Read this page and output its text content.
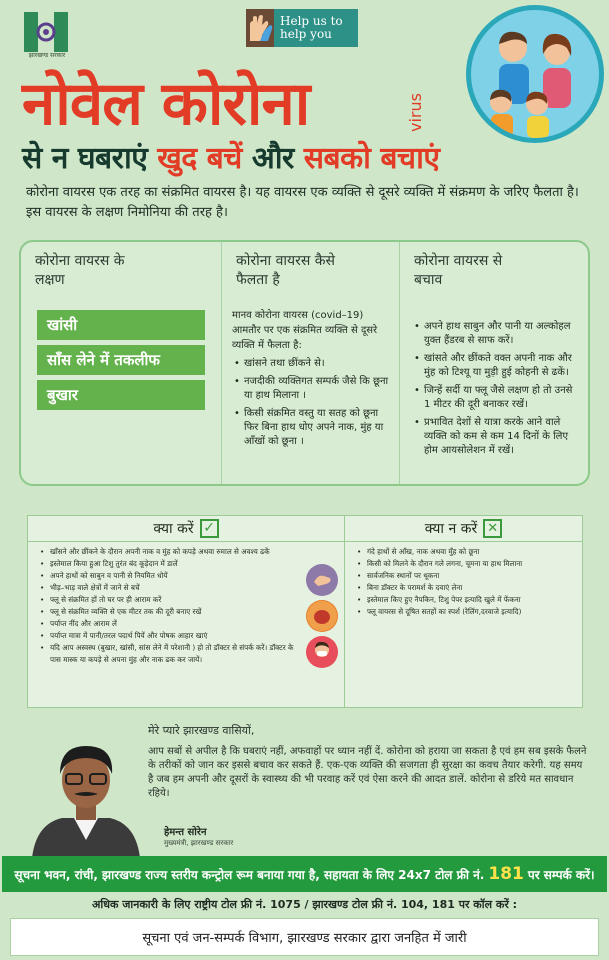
झारखण्ड सरकार
Help us to help you
नोवेल कोरोना	virus
से न घबराएं खुद बचें और सबको बचाएं
कोरोना वायरस एक तरह का संक्रमित वायरस है। यह वायरस एक व्यक्ति से दूसरे व्यक्ति में संक्रमण के जरिए फैलता है। इस वायरस के लक्षण निमोनिया की तरह है।
कोरोना वायरस के लक्षण
खांसी
साँस लेने में तकलीफ
बुखार
कोरोना वायरस कैसे फैलता है
मानव कोरोना वायरस (covid–19) आमतौर पर एक संक्रमित व्यक्ति से दूसरे व्यक्ति में फैलता है:
• खांसने तथा छींकने से।
• नजदीकी व्यक्तिगत सम्पर्क जैसे कि छूना या हाथ मिलाना ।
• किसी संक्रमित वस्तु या सतह को छूना फिर बिना हाथ धोए अपने नाक, मुंह या आँखों को छूना ।
कोरोना वायरस से बचाव
• अपने हाथ साबुन और पानी या अल्कोहल युक्त हैंडरब से साफ करें।
• खांसते और छींकते वक्त अपनी नाक और मुंह को टिश्यू या मुड़ी हुई कोहनी से ढकें।
• जिन्हें सर्दी या फ्लू जैसे लक्षण हो तो उनसे 1 मीटर की दूरी बनाकर रखें।
• प्रभावित देशों से यात्रा करके आने वाले व्यक्ति को कम से कम 14 दिनों के लिए होम आयसोलेशन में रखें।
क्या करें ✓	क्या न करें ✕
• खाँसने और छींकने के दौरान अपनी नाक व मुंह को कपड़े अथवा रुमाल से अवश्य ढकें
• इस्तेमाल किया हुआ टिशु तुरंत बंद कूड़ेदान में डालें
• अपने हाथों को साबुन व पानी से नियमित धोयें
• भीड़–भाड़ वाले क्षेत्रों में जाने से बचें
• फ्लू से संक्रमित हों तो घर पर ही आराम करें
• फ्लू से संक्रमित व्यक्ति से एक मीटर तक की दूरी बनाए रखें
• पर्याप्त नींद और आराम लें
• पर्याप्त मात्रा में पानी/तरल पदार्थ पियें और पोषक आहार खाएं
• यदि आप अस्वस्थ (बुखार, खांसी, सांस लेने में परेशानी ) हो तो डॉक्टर से संपर्क करें। डॉक्टर के पास मास्क या कपड़े से अपना मुंह और नाक ढक कर जायें।
• गंदे हाथों से आँख, नाक अथवा मुँह को छूना
• किसी को मिलने के दौरान गले लगना, चूमना या हाथ मिलाना
• सार्वजनिक स्थानों पर थूकना
• बिना डॉक्टर के परामर्श के दवाएं लेना
• इस्तेमाल किए हुए नैपकिन, टिशु पेपर इत्यादि खुले में फेंकना
• फ्लू वायरस से दूषित सतहों का स्पर्श (रेलिंग,दरवाजे इत्यादि)
मेरे प्यारे झारखण्ड वासियों,
आप सबों से अपील है कि घबराएं नहीं, अफवाहों पर ध्यान नहीं दें. कोरोना को हराया जा सकता है एवं हम सब इसके फैलने के तरीकों को जान कर इससे बचाव कर सकते हैं. एक-एक व्यक्ति की सजगता ही सुरक्षा का कवच तैयार करेगी. यह समय है जब हम अपनी और दूसरों के स्वास्थ्य की भी परवाह करें एवं ऐसा करने की आदत डालें. कोरोना से डरिये मत सावधान रहिये।
हेमन्त सोरेन
मुख्यमंत्री, झारखण्ड सरकार
सूचना भवन, रांची, झारखण्ड राज्य स्तरीय कन्ट्रोल रूम बनाया गया है, सहायता के लिए 24x7 टोल फ्री नं. 181 पर सम्पर्क करें।
अधिक जानकारी के लिए राष्ट्रीय टोल फ्री नं. 1075 / झारखण्ड टोल फ्री नं. 104, 181 पर कॉल करें :
सूचना एवं जन-सम्पर्क विभाग, झारखण्ड सरकार द्वारा जनहित में जारी
